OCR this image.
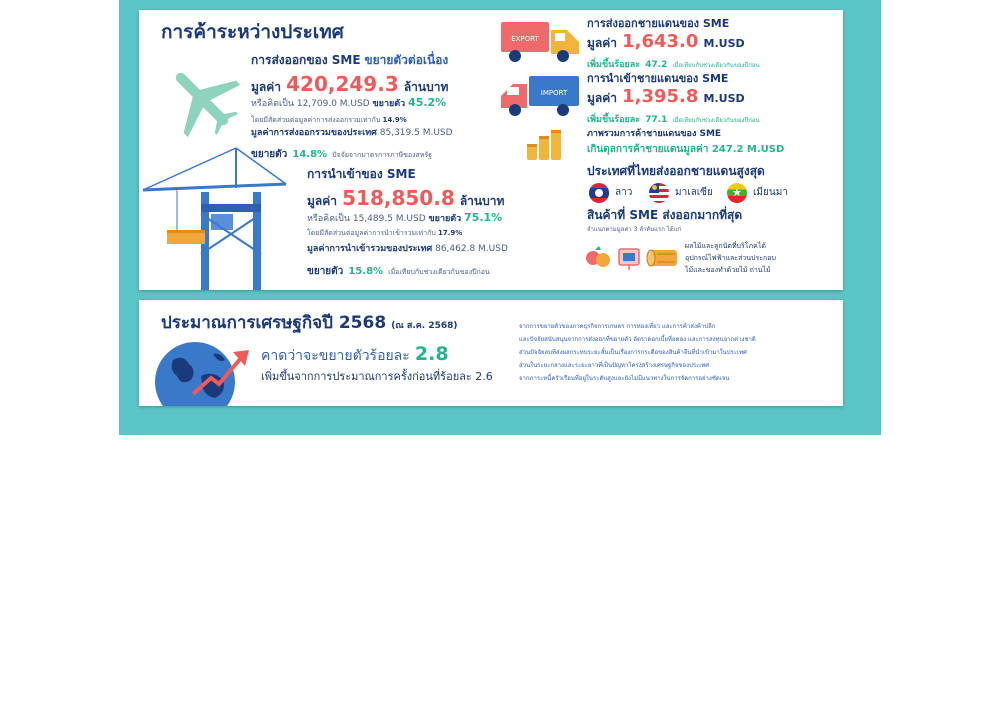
การค้าระหว่างประเทศ
การส่งออกของ SME ขยายตัวต่อเนื่อง
มูลค่า 420,249.3 ล้านบาท
หรือคิดเป็น 12,709.0 M.USD ขยายตัว 45.2%
โดยมีสัดส่วนต่อมูลค่าการส่งออกรวมเท่ากับ 14.9%
มูลค่าการส่งออกรวมของประเทศ 85,319.5 M.USD
ขยายตัว 14.8% ปัจจัยจากมาตรการภาษีของสหรัฐ
การนำเข้าของ SME
มูลค่า 518,850.8 ล้านบาท
หรือคิดเป็น 15,489.5 M.USD ขยายตัว 75.1%
โดยมีสัดส่วนต่อมูลค่าการนำเข้ารวมเท่ากับ 17.9%
มูลค่าการนำเข้ารวมของประเทศ 86,462.8 M.USD
ขยายตัว 15.8% เมื่อเทียบกับช่วงเดียวกันของปีก่อน
EXPORT
IMPORT
การส่งออกชายแดนของ SME
มูลค่า 1,643.0 M.USD
เพิ่มขึ้นร้อยละ 47.2 เมื่อเทียบกับช่วงเดียวกันของปีก่อน
การนำเข้าชายแดนของ SME
มูลค่า 1,395.8 M.USD
เพิ่มขึ้นร้อยละ 77.1 เมื่อเทียบกับช่วงเดียวกันของปีก่อน
ภาพรวมการค้าชายแดนของ SME
เกินดุลการค้าชายแดนมูลค่า 247.2 M.USD
ประเทศที่ไทยส่งออกชายแดนสูงสุด
ลาว	มาเลเซีย ★ เมียนมา
สินค้าที่ SME ส่งออกมากที่สุด
จำแนกตามมูลค่า 3 ลำดับแรก ได้แก่
ผลไม้และลูกนัตที่บริโภคได้
อุปกรณ์ไฟฟ้าและส่วนประกอบ
ไม้และของทำด้วยไม้ ถ่านไม้
ประมาณการเศรษฐกิจปี 2568 (ณ ส.ค. 2568)
คาดว่าจะขยายตัวร้อยละ 2.8
เพิ่มขึ้นจากการประมาณการครั้งก่อนที่ร้อยละ 2.6
จากการขยายตัวของภาคธุรกิจการเกษตร การท่องเที่ยว และการค้าส่งค้าปลีก
และปัจจัยสนับสนุนจากการส่งออกที่ขยายตัว อัตราดอกเบี้ยที่ลดลง และการลงทุนจากต่างชาติ
ส่วนปัจจัยลบที่ส่งผลกระทบระยะสั้นเป็นเรื่องการกระตือของสินค้าจีนที่นำเข้ามาในประเทศ
ส่วนในระยะกลางและระยะยาวที่เป็นปัญหาโครงสร้างเศรษฐกิจของประเทศ
จากภาระหนี้ครัวเรือนที่อยู่ในระดับสูงและยังไม่มีแนวทางในการจัดการอย่างชัดเจน
